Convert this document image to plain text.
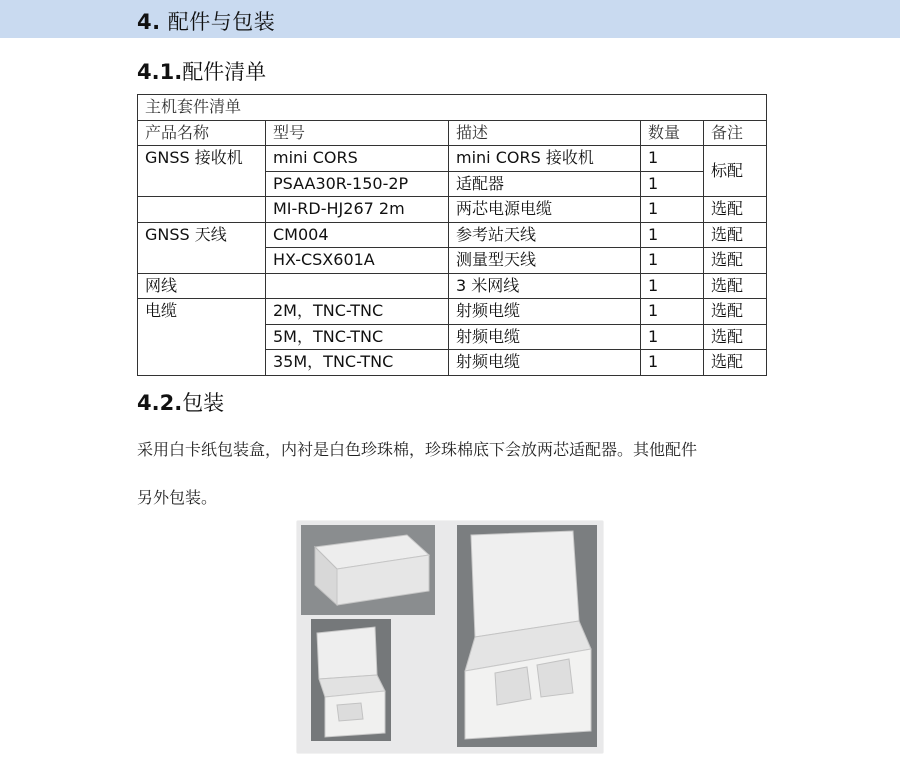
4. 配件与包装
4.1.配件清单
主机套件清单				
产品名称	型号	描述	数量	备注
GNSS 接收机	mini CORS	mini CORS 接收机	1	标配
	PSAA30R-150-2P	适配器	1	
	MI-RD-HJ267 2m	两芯电源电缆	1	选配
GNSS 天线	CM004	参考站天线	1	选配
	HX-CSX601A	测量型天线	1	选配
网线		3 米网线	1	选配
电缆	2M，TNC-TNC	射频电缆	1	选配
	5M，TNC-TNC	射频电缆	1	选配
	35M，TNC-TNC	射频电缆	1	选配
4.2.包装
采用白卡纸包装盒，内衬是白色珍珠棉，珍珠棉底下会放两芯适配器。其他配件
另外包装。
